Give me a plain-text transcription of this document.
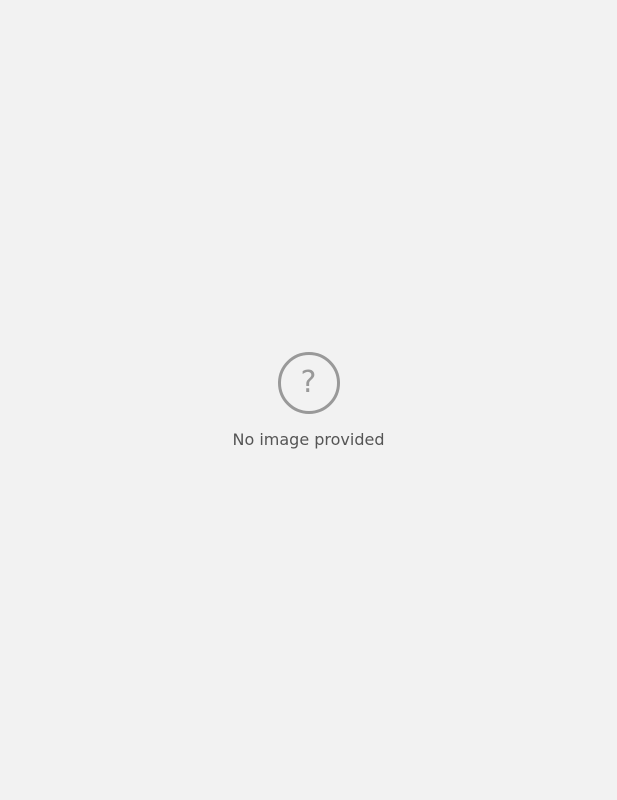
?
No image provided
